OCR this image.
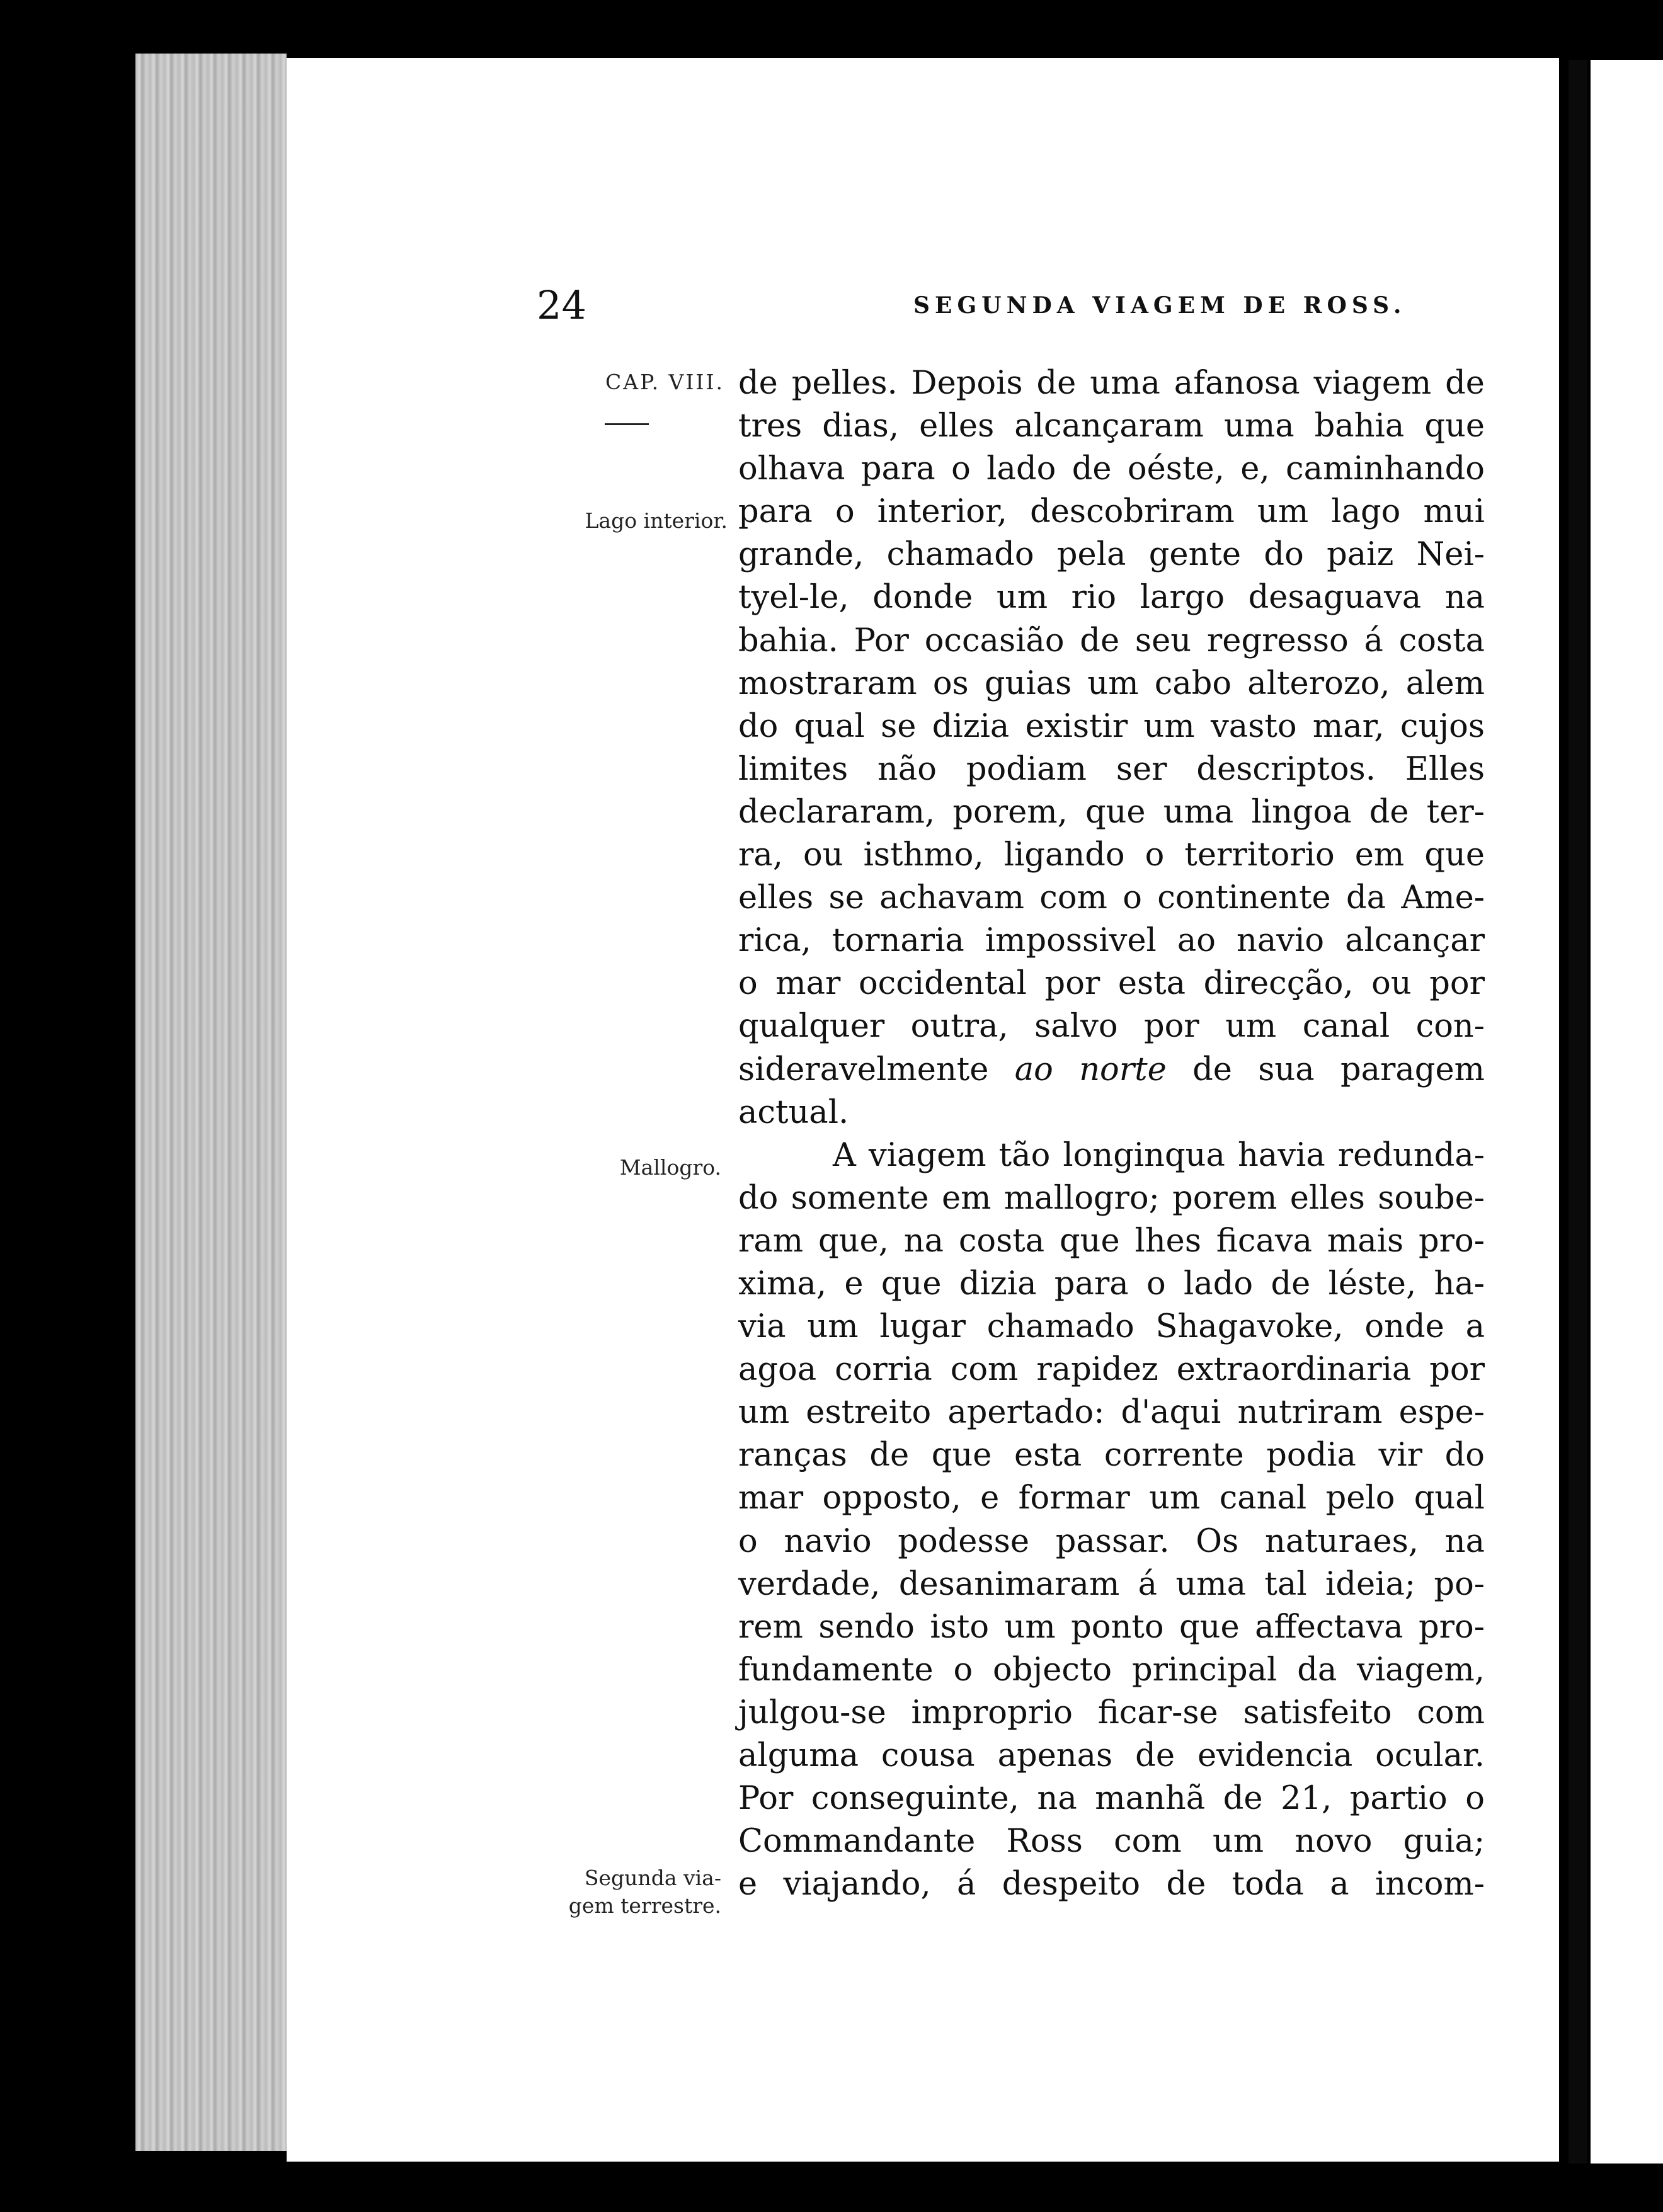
24	SEGUNDA VIAGEM DE ROSS.
CAP. VIII.
Lago interior.
Mallogro.
Segunda via-
gem terrestre.
de pelles. Depois de uma afanosa viagem de
tres dias, elles alcançaram uma bahia que
olhava para o lado de oéste, e, caminhando
para o interior, descobriram um lago mui
grande, chamado pela gente do paiz Nei-
tyel-le, donde um rio largo desaguava na
bahia. Por occasião de seu regresso á costa
mostraram os guias um cabo alterozo, alem
do qual se dizia existir um vasto mar, cujos
limites não podiam ser descriptos. Elles
declararam, porem, que uma lingoa de ter-
ra, ou isthmo, ligando o territorio em que
elles se achavam com o continente da Ame-
rica, tornaria impossivel ao navio alcançar
o mar occidental por esta direcção, ou por
qualquer outra, salvo por um canal con-
sideravelmente ao norte de sua paragem
actual.
A viagem tão longinqua havia redunda-
do somente em mallogro; porem elles soube-
ram que, na costa que lhes ficava mais pro-
xima, e que dizia para o lado de léste, ha-
via um lugar chamado Shagavoke, onde a
agoa corria com rapidez extraordinaria por
um estreito apertado: d'aqui nutriram espe-
ranças de que esta corrente podia vir do
mar opposto, e formar um canal pelo qual
o navio podesse passar. Os naturaes, na
verdade, desanimaram á uma tal ideia; po-
rem sendo isto um ponto que affectava pro-
fundamente o objecto principal da viagem,
julgou-se improprio ficar-se satisfeito com
alguma cousa apenas de evidencia ocular.
Por conseguinte, na manhã de 21, partio o
Commandante Ross com um novo guia;
e viajando, á despeito de toda a incom-
